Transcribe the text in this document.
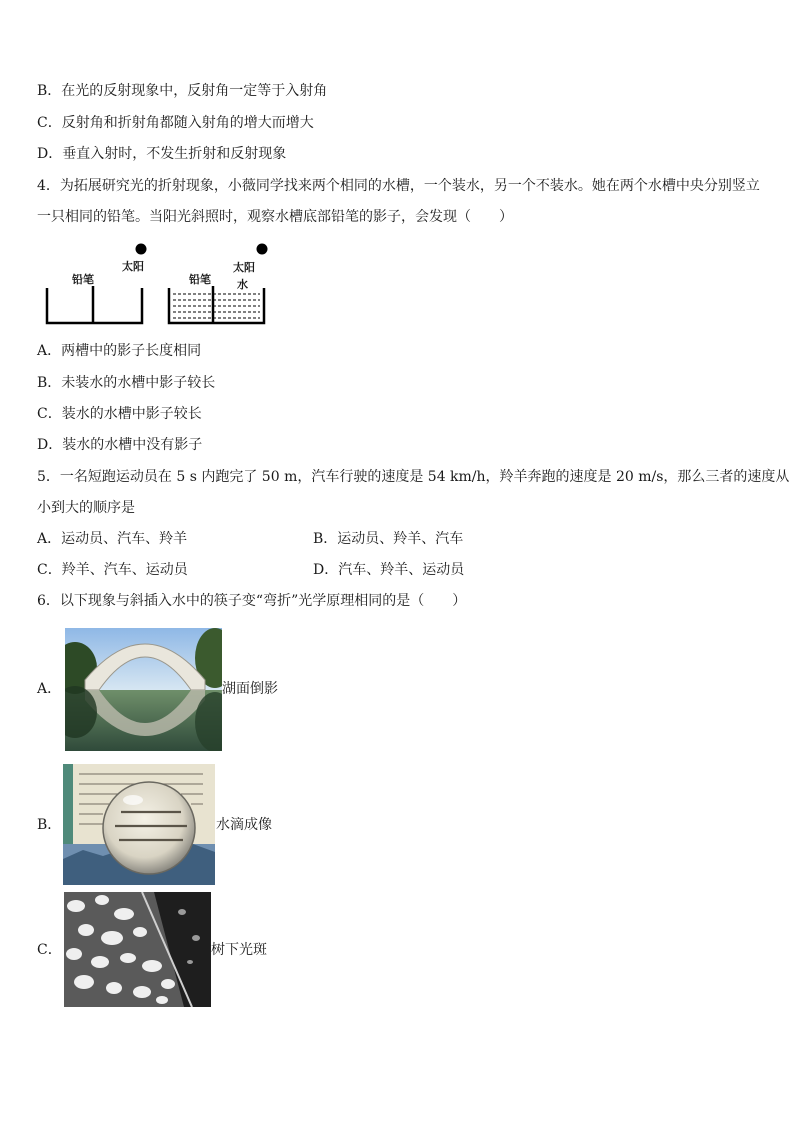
B．在光的反射现象中，反射角一定等于入射角
C．反射角和折射角都随入射角的增大而增大
D．垂直入射时，不发生折射和反射现象
4．为拓展研究光的折射现象，小薇同学找来两个相同的水槽，一个装水，另一个不装水。她在两个水槽中央分别竖立
一只相同的铅笔。当阳光斜照时，观察水槽底部铅笔的影子，会发现（　　）
铅笔
太阳
铅笔
太阳
水
A．两槽中的影子长度相同
B．未装水的水槽中影子较长
C．装水的水槽中影子较长
D．装水的水槽中没有影子
5．一名短跑运动员在 5 s 内跑完了 50 m，汽车行驶的速度是 54 km/h，羚羊奔跑的速度是 20 m/s，那么三者的速度从
小到大的顺序是
A．运动员、汽车、羚羊	B．运动员、羚羊、汽车
C．羚羊、汽车、运动员	D．汽车、羚羊、运动员
6．以下现象与斜插入水中的筷子变“弯折”光学原理相同的是（　　）
A．	湖面倒影
B．	水滴成像
C．	树下光斑
